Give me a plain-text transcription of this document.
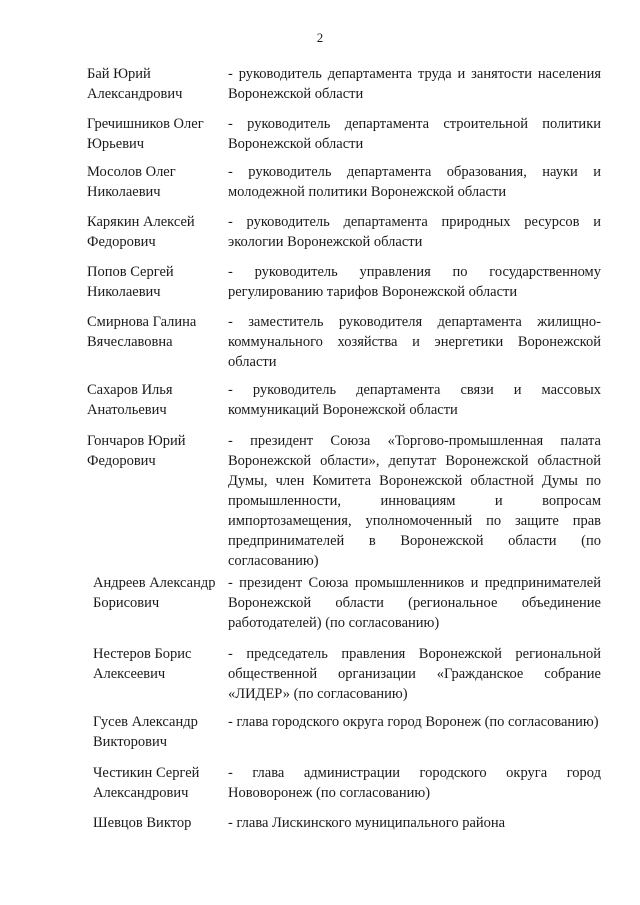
2
Бай Юрий
Александрович
- руководитель департамента труда и занятости населения Воронежской области
Гречишников Олег
Юрьевич
- руководитель департамента строительной политики Воронежской области
Мосолов Олег
Николаевич
- руководитель департамента образования, науки и молодежной политики Воронежской области
Карякин Алексей
Федорович
- руководитель департамента природных ресурсов и экологии Воронежской области
Попов Сергей
Николаевич
- руководитель управления по государственному регулированию тарифов Воронежской области
Смирнова Галина
Вячеславовна
- заместитель руководителя департамента жилищно-коммунального хозяйства и энергетики Воронежской области
Сахаров Илья
Анатольевич
- руководитель департамента связи и массовых коммуникаций Воронежской области
Гончаров Юрий
Федорович
- президент Союза «Торгово-промышленная палата Воронежской области», депутат Воронежской областной Думы, член Комитета Воронежской областной Думы по промышленности, инновациям и вопросам импортозамещения, уполномоченный по защите прав предпринимателей в Воронежской области (по согласованию)
Андреев Александр
Борисович
- президент Союза промышленников и предпринимателей Воронежской области (региональное объединение работодателей) (по согласованию)
Нестеров Борис
Алексеевич
- председатель правления Воронежской региональной общественной организации «Гражданское собрание «ЛИДЕР» (по согласованию)
Гусев Александр
Викторович
- глава городского округа город Воронеж (по согласованию)
Честикин Сергей
Александрович
- глава администрации городского округа город Нововоронеж (по согласованию)
Шевцов Виктор	- глава Лискинского муниципального района
